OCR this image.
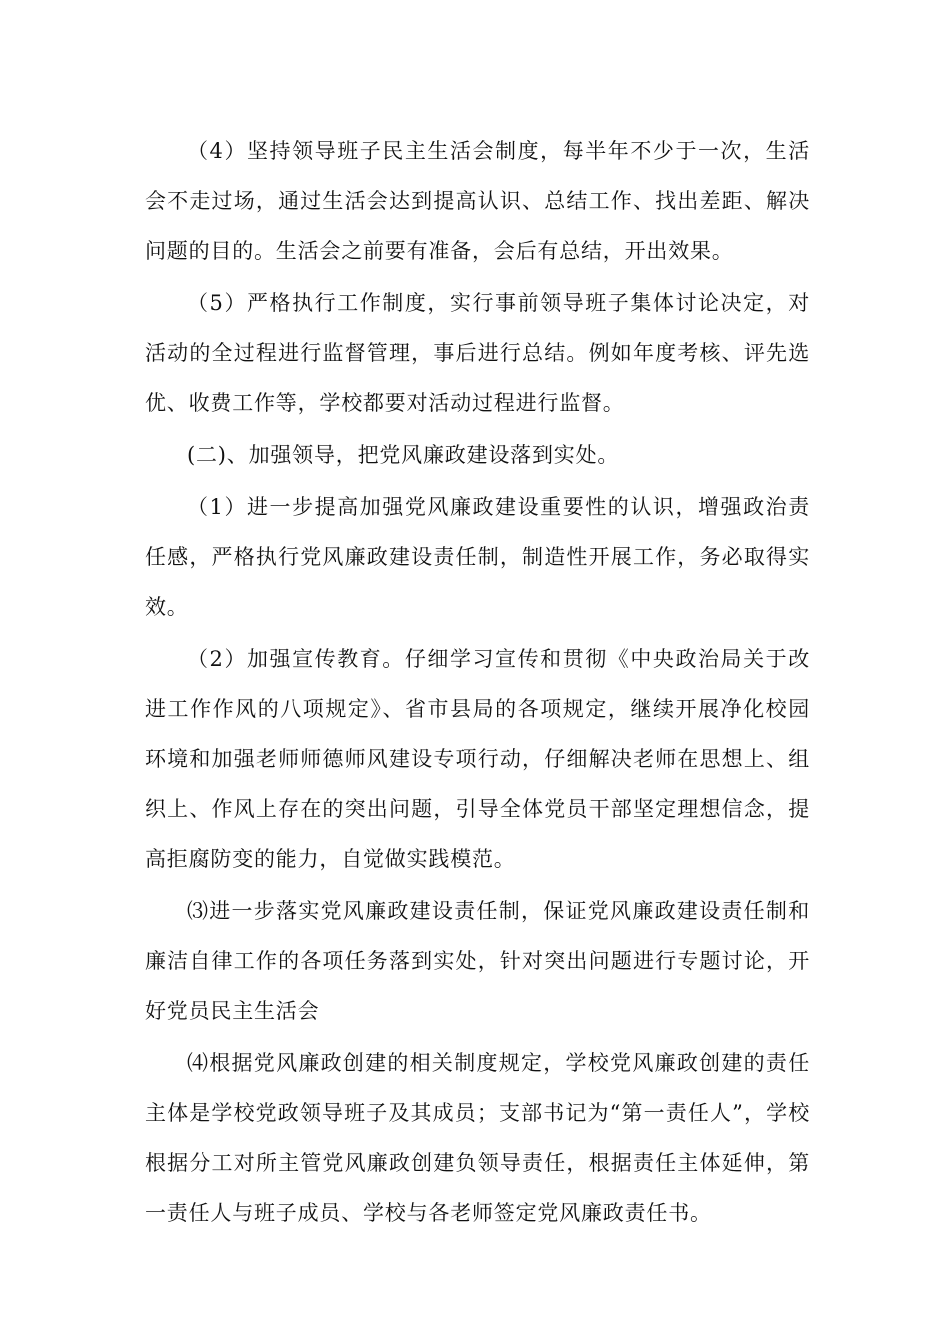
（4）坚持领导班子民主生活会制度，每半年不少于一次，生活会不走过场，通过生活会达到提高认识、总结工作、找出差距、解决问题的目的。生活会之前要有准备，会后有总结，开出效果。

（5）严格执行工作制度，实行事前领导班子集体讨论决定，对活动的全过程进行监督管理，事后进行总结。例如年度考核、评先选优、收费工作等，学校都要对活动过程进行监督。

(二)、加强领导，把党风廉政建设落到实处。

（1）进一步提高加强党风廉政建设重要性的认识，增强政治责任感，严格执行党风廉政建设责任制，制造性开展工作，务必取得实效。

（2）加强宣传教育。仔细学习宣传和贯彻《中央政治局关于改进工作作风的八项规定》、省市县局的各项规定，继续开展净化校园环境和加强老师师德师风建设专项行动，仔细解决老师在思想上、组织上、作风上存在的突出问题，引导全体党员干部坚定理想信念，提高拒腐防变的能力，自觉做实践模范。

⑶进一步落实党风廉政建设责任制，保证党风廉政建设责任制和廉洁自律工作的各项任务落到实处，针对突出问题进行专题讨论，开好党员民主生活会

⑷根据党风廉政创建的相关制度规定，学校党风廉政创建的责任主体是学校党政领导班子及其成员；支部书记为“第一责任人”，学校根据分工对所主管党风廉政创建负领导责任，根据责任主体延伸，第一责任人与班子成员、学校与各老师签定党风廉政责任书。
